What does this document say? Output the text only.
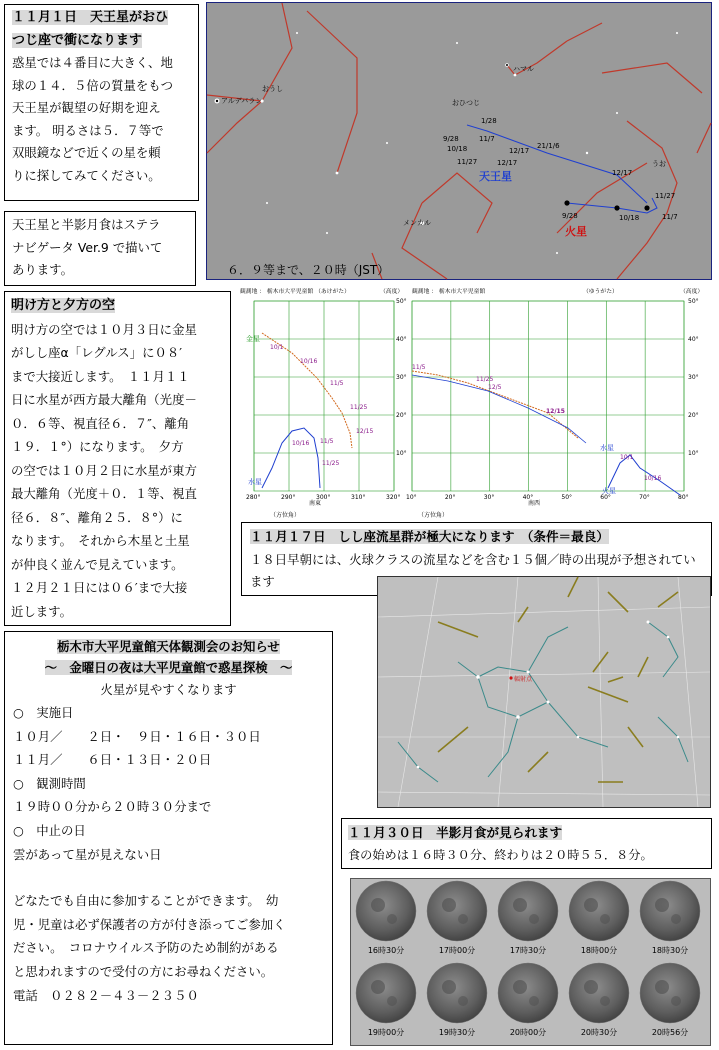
１１月１日　天王星がおひ
つじ座で衝になります
惑星では４番目に大きく、地
球の１４．５倍の質量をもつ
天王星が観望の好期を迎え
ます。 明るさは５．７等で
双眼鏡などで近くの星を頼
りに探してみてください。
天王星と半影月食はステラ
ナビゲータ Ver.9 で描いて
あります。
おうし
アルデバラン
ハマル
おひつじ
うお
メンカル
1/28
9/28	11/7
10/18	21/1/6
12/17
11/27	12/17
12/17
11/27
9/28	10/18	11/7
天王星
火星
６．９等まで、２０時（JST）
明け方と夕方の空
明け方の空では１０月３日に金星
がしし座α「レグルス」に０８′
まで大接近します。　１１月１１
日に水星が西方最大離角（光度－
０．６等、視直径６．７″、離角
１９．１°）になります。　夕方
の空では１０月２日に水星が東方
最大離角（光度＋０．１等、視直
径６．８″、離角２５．８°）に
なります。　それから木星と土星
が仲良く並んで見えています。
１２月２１日には０６′まで大接
近します。
観測地 ： 栃木市大平児童館 （あけがた）	（高度）
280°	290°	300°	310°	320°
50°
40°
30°
20°
10°
南東
（方位角）
金星
水星
10/1
10/16
11/5
11/25
12/15
10/16 11/5
11/25
観測地 ： 栃木市大平児童館	（ゆうがた）	（高度）
10°	20°	30°	40°	50°	60°	70°	80°
50°
40°
30°
20°
10°
南西
（方位角）
11/5
11/25
12/5
12/15
水星
火星
10/1
10/16
１１月１７日　しし座流星群が極大になります　（条件＝最良）
１８日早朝には、火球クラスの流星などを含む１５個／時の出現が予想されています
輻射点
栃木市大平児童館天体観測会のお知らせ
～　金曜日の夜は大平児童館で惑星探検　～
火星が見やすくなります
○　実施日
１０月／　　２日・　９日・１６日・３０日
１１月／　　６日・１３日・２０日
○　観測時間
１９時００分から２０時３０分まで
○　中止の日
雲があって星が見えない日
どなたでも自由に参加することができます。　幼
児・児童は必ず保護者の方が付き添ってご参加く
ださい。　コロナウイルス予防のため制約がある
と思われますので受付の方にお尋ねください。
電話　０２８２－４３－２３５０
１１月３０日　半影月食が見られます
食の始めは１６時３０分、終わりは２０時５５．８分。
16時30分	17時00分	17時30分	18時00分	18時30分
19時00分	19時30分	20時00分	20時30分	20時56分
